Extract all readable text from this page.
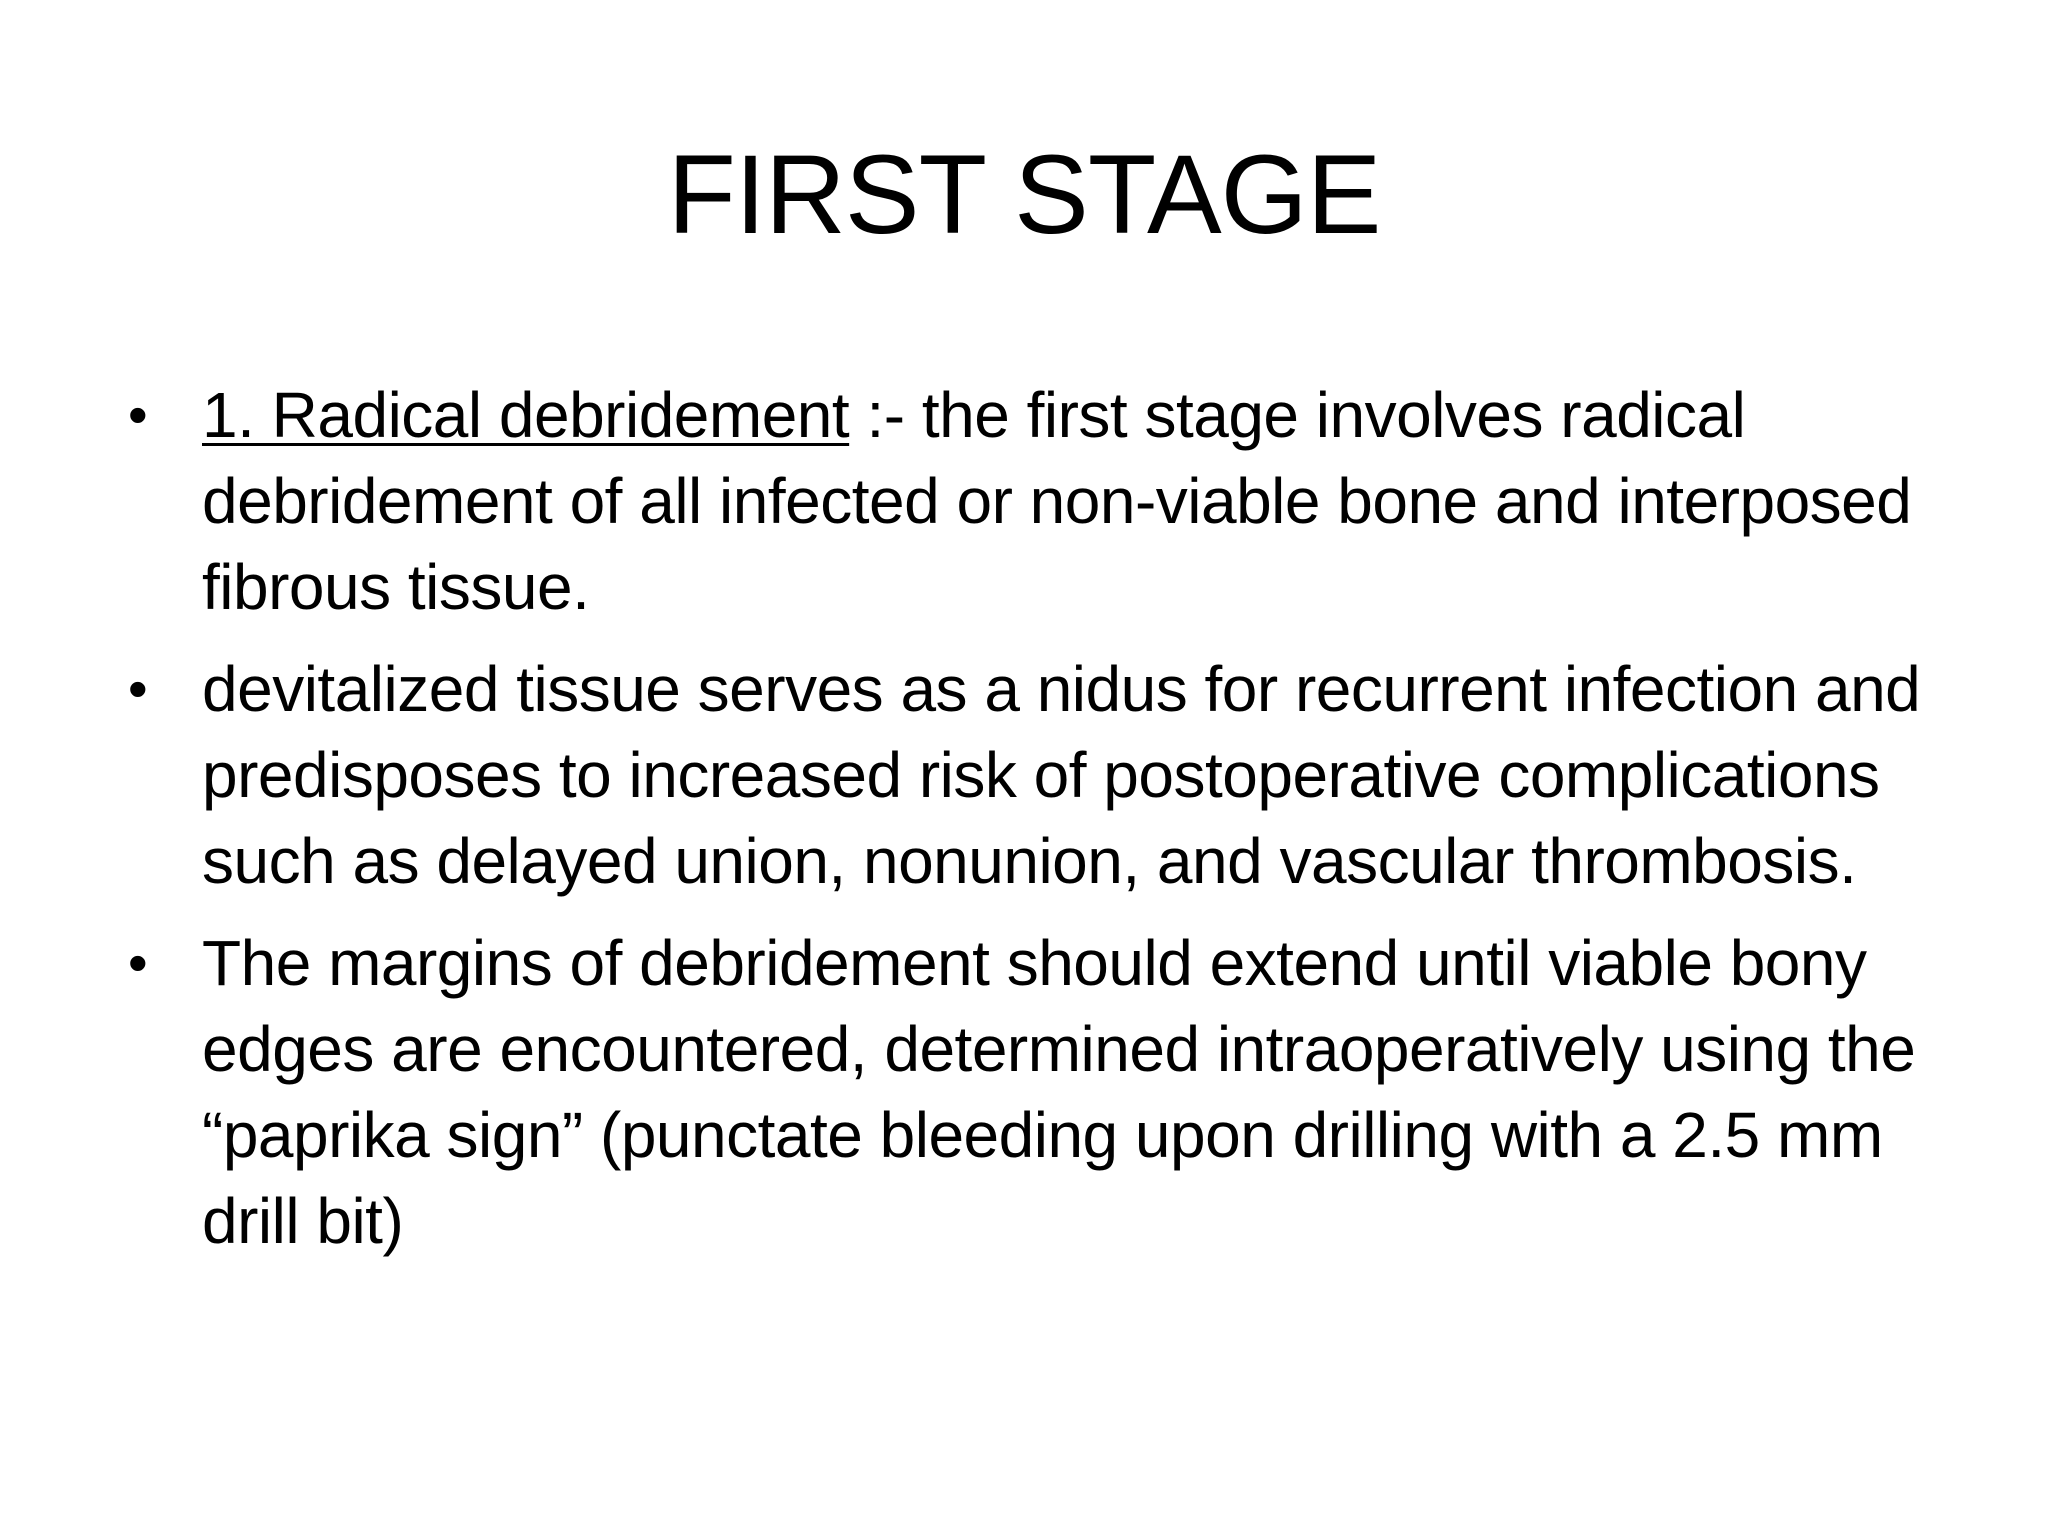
FIRST STAGE
• 1. Radical debridement :- the first stage involves radical debridement of all infected or non-viable bone and interposed fibrous tissue.
• devitalized tissue serves as a nidus for recurrent infection and predisposes to increased risk of postoperative complications such as delayed union, nonunion, and vascular thrombosis.
• The margins of debridement should extend until viable bony edges are encountered, determined intraoperatively using the “paprika sign” (punctate bleeding upon drilling with a 2.5 mm drill bit)
